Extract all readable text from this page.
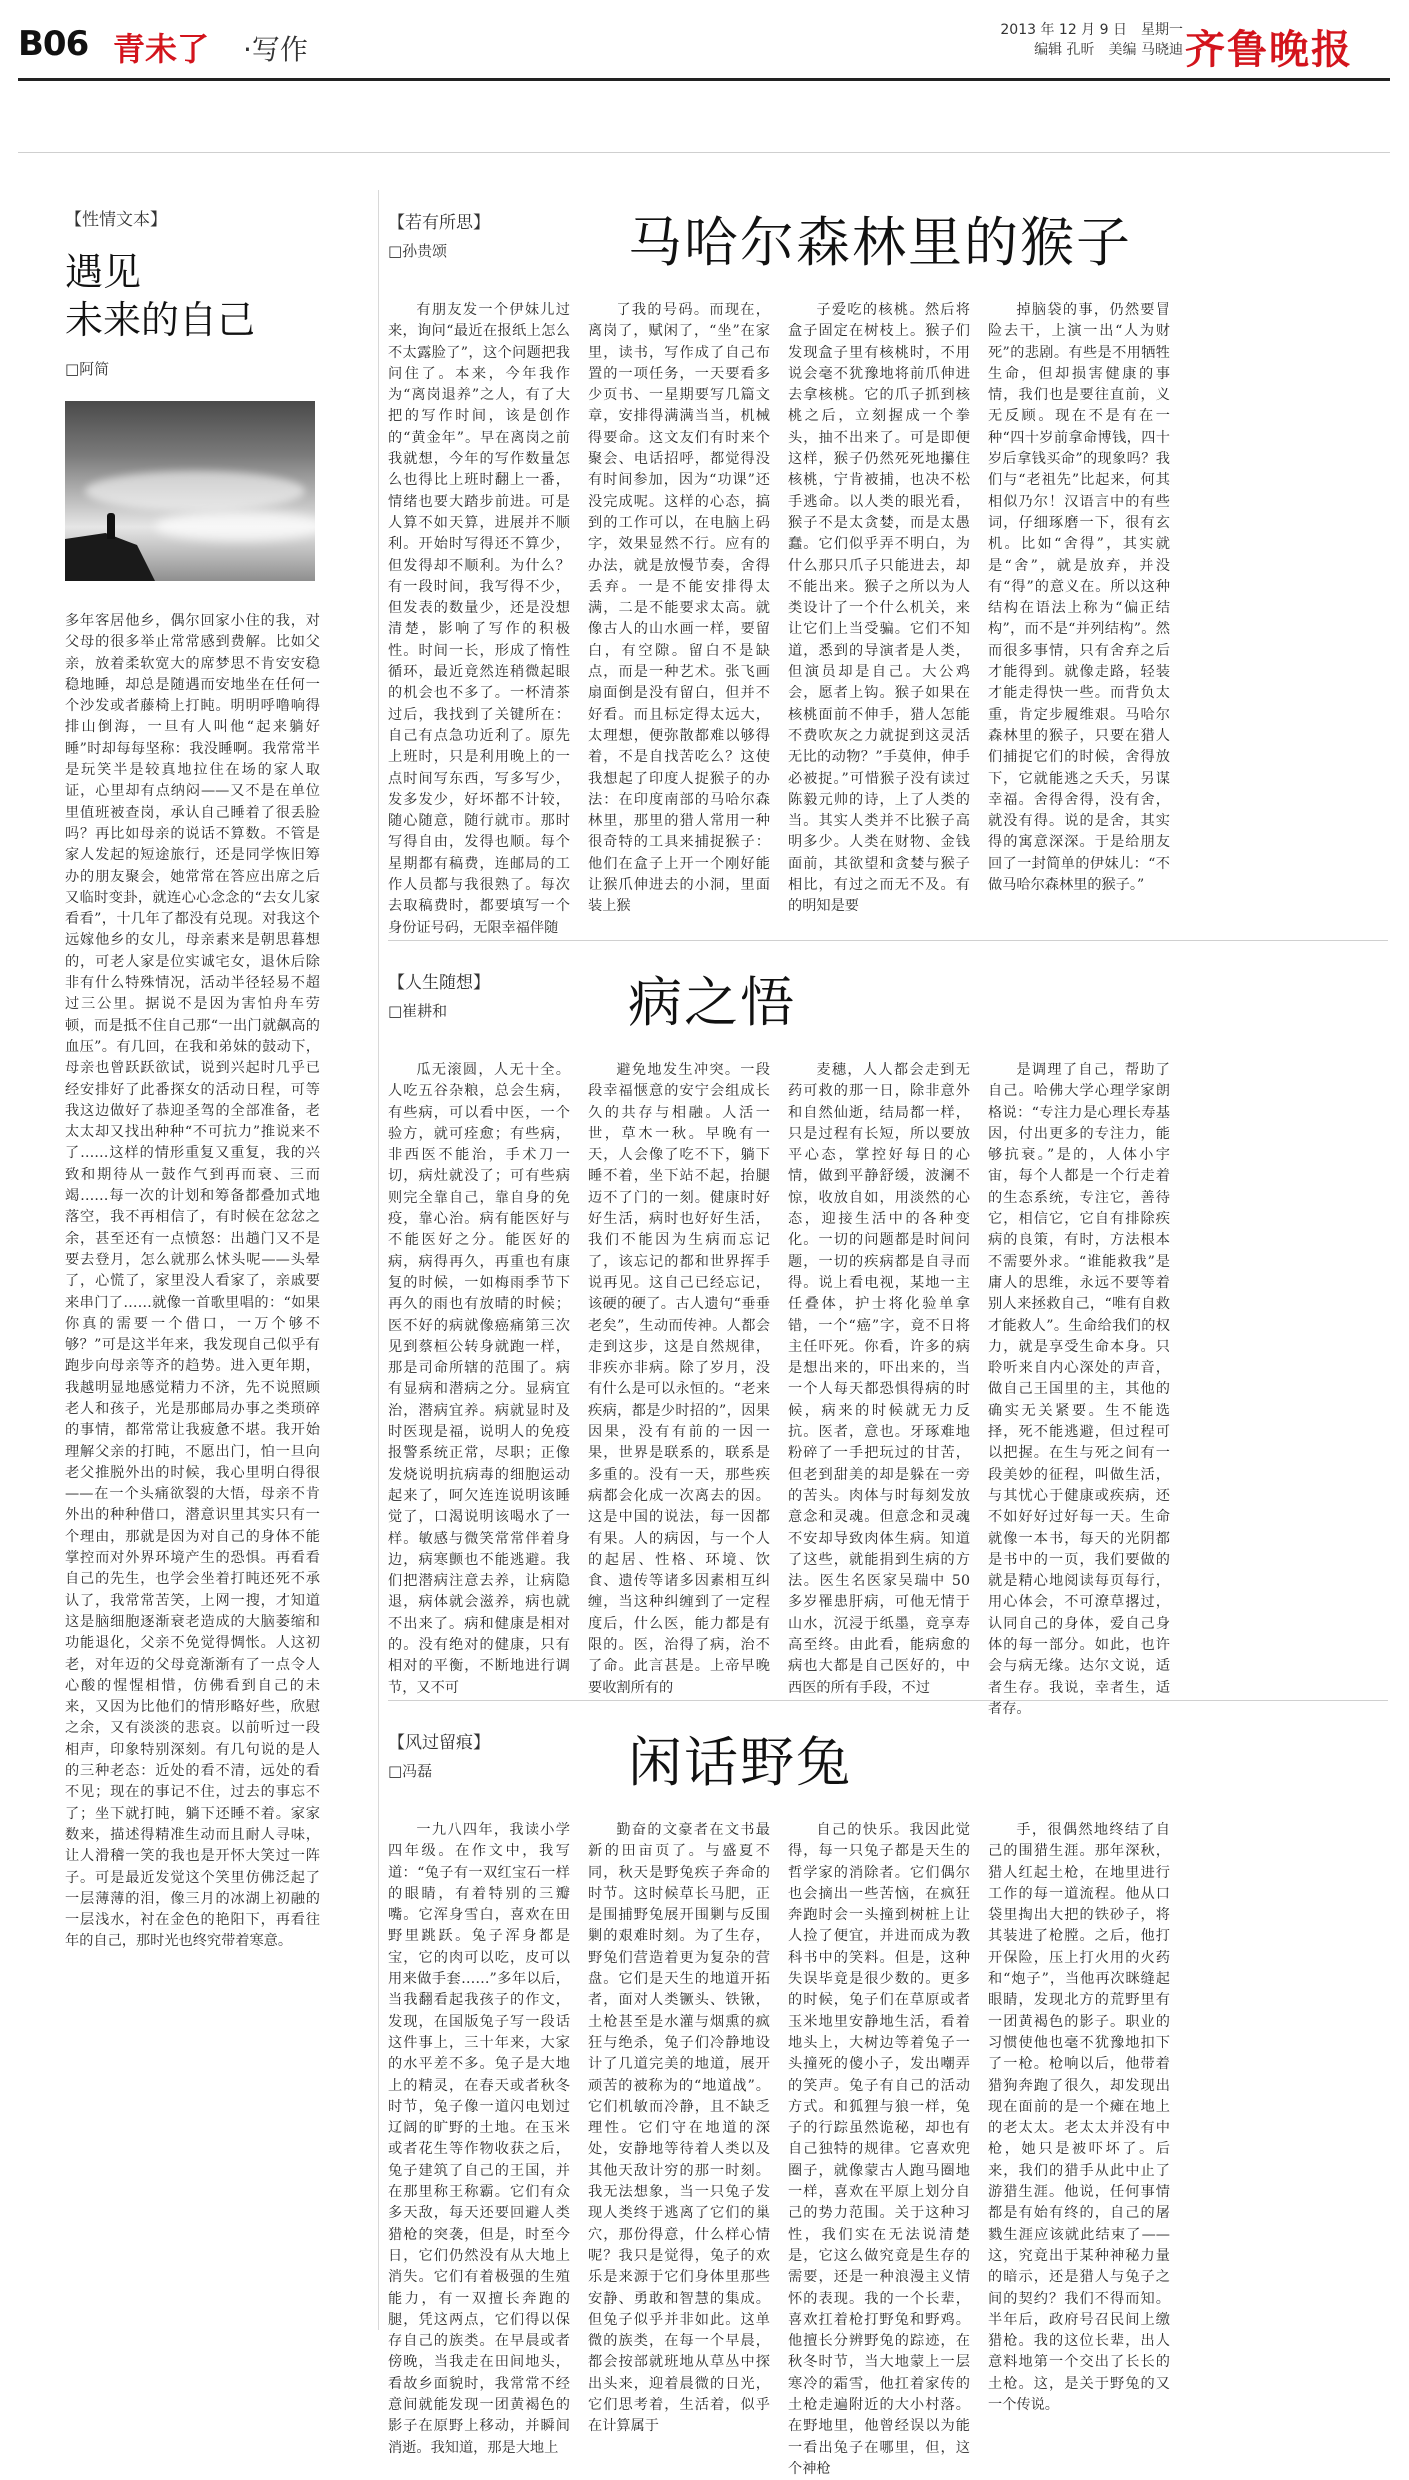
B06 青未了 ·写作
2013 年 12 月 9 日　星期一
编辑 孔昕　美编 马晓迪 齐鲁晚报
【性情文本】
遇见
未来的自己
□阿简
多年客居他乡，偶尔回家小住的我，对父母的很多举止常常感到费解。比如父亲，放着柔软宽大的席梦思不肯安安稳稳地睡，却总是随遇而安地坐在任何一个沙发或者藤椅上打盹。明明呼噜响得排山倒海，一旦有人叫他“起来躺好睡”时却每每坚称：我没睡啊。我常常半是玩笑半是较真地拉住在场的家人取证，心里却有点纳闷——又不是在单位里值班被查岗，承认自己睡着了很丢脸吗？再比如母亲的说话不算数。不管是家人发起的短途旅行，还是同学恢旧筹办的朋友聚会，她常常在答应出席之后又临时变卦，就连心心念念的“去女儿家看看”，十几年了都没有兑现。对我这个远嫁他乡的女儿，母亲素来是朝思暮想的，可老人家是位实诚宅女，退休后除非有什么特殊情况，活动半径轻易不超过三公里。据说不是因为害怕舟车劳顿，而是抵不住自己那“一出门就飙高的血压”。有几回，在我和弟妹的鼓动下，母亲也曾跃跃欲试，说到兴起时几乎已经安排好了此番探女的活动日程，可等我这边做好了恭迎圣驾的全部准备，老太太却又找出种种“不可抗力”推说来不了……这样的情形重复又重复，我的兴致和期待从一鼓作气到再而衰、三而竭……每一次的计划和筹备都叠加式地落空，我不再相信了，有时候在忿忿之余，甚至还有一点愤怒：出趟门又不是要去登月，怎么就那么怵头呢——头晕了，心慌了，家里没人看家了，亲戚要来串门了……就像一首歌里唱的：“如果你真的需要一个借口，一万个够不够？”可是这半年来，我发现自己似乎有跑步向母亲等齐的趋势。进入更年期，我越明显地感觉精力不济，先不说照顾老人和孩子，光是那邮局办事之类琐碎的事情，都常常让我疲惫不堪。我开始理解父亲的打盹，不愿出门，怕一旦向老父推脱外出的时候，我心里明白得很——在一个头痛欲裂的大悟，母亲不肯外出的种种借口，潜意识里其实只有一个理由，那就是因为对自己的身体不能掌控而对外界环境产生的恐惧。再看看自己的先生，也学会坐着打盹还死不承认了，我常常苦笑，上网一搜，才知道这是脑细胞逐渐衰老造成的大脑萎缩和功能退化，父亲不免觉得惆怅。人这初老，对年迈的父母竟渐渐有了一点令人心酸的惺惺相惜，仿佛看到自己的未来，又因为比他们的情形略好些，欣慰之余，又有淡淡的悲哀。以前听过一段相声，印象特别深刻。有几句说的是人的三种老态：近处的看不清，远处的看不见；现在的事记不住，过去的事忘不了；坐下就打盹，躺下还睡不着。家家数来，描述得精准生动而且耐人寻味，让人滑稽一笑的我也是开怀大笑过一阵子。可是最近发觉这个笑里仿佛泛起了一层薄薄的泪，像三月的冰湖上初融的一层浅水，衬在金色的艳阳下，再看往年的自己，那时光也终究带着寒意。
【若有所思】
□孙贵颂	马哈尔森林里的猴子

有朋友发一个伊妹儿过来，询问“最近在报纸上怎么不太露脸了”，这个问题把我问住了。本来，今年我作为“离岗退养”之人，有了大把的写作时间，该是创作的“黄金年”。早在离岗之前我就想，今年的写作数量怎么也得比上班时翻上一番，情绪也要大踏步前进。可是人算不如天算，进展并不顺利。开始时写得还不算少，但发得却不顺利。为什么？有一段时间，我写得不少，但发表的数量少，还是没想清楚，影响了写作的积极性。时间一长，形成了惰性循环，最近竟然连稍微起眼的机会也不多了。一杯清茶过后，我找到了关键所在：自己有点急功近利了。原先上班时，只是利用晚上的一点时间写东西，写多写少，发多发少，好坏都不计较，随心随意，随行就市。那时写得自由，发得也顺。每个星期都有稿费，连邮局的工作人员都与我很熟了。每次去取稿费时，都要填写一个身份证号码，无限幸福伴随

了我的号码。而现在，离岗了，赋闲了，“坐”在家里，读书，写作成了自己布置的一项任务，一天要看多少页书、一星期要写几篇文章，安排得满满当当，机械得要命。这文友们有时来个聚会、电话招呼，都觉得没有时间参加，因为“功课”还没完成呢。这样的心态，搞到的工作可以，在电脑上码字，效果显然不行。应有的办法，就是放慢节奏，舍得丢弃。一是不能安排得太满，二是不能要求太高。就像古人的山水画一样，要留白，有空隙。留白不是缺点，而是一种艺术。张飞画扇面倒是没有留白，但并不好看。而且标定得太远大，太理想，便弥散都难以够得着，不是自找苦吃么？这使我想起了印度人捉猴子的办法：在印度南部的马哈尔森林里，那里的猎人常用一种很奇特的工具来捕捉猴子：他们在盒子上开一个刚好能让猴爪伸进去的小洞，里面装上猴

子爱吃的核桃。然后将盒子固定在树枝上。猴子们发现盒子里有核桃时，不用说会毫不犹豫地将前爪伸进去拿核桃。它的爪子抓到核桃之后，立刻握成一个拳头，抽不出来了。可是即便这样，猴子仍然死死地攥住核桃，宁肯被捕，也决不松手逃命。以人类的眼光看，猴子不是太贪婪，而是太愚蠢。它们似乎弄不明白，为什么那只爪子只能进去，却不能出来。猴子之所以为人类设计了一个什么机关，来让它们上当受骗。它们不知道，悉到的导演者是人类，但演员却是自己。大公鸡会，愿者上钩。猴子如果在核桃面前不伸手，猎人怎能不费吹灰之力就捉到这灵活无比的动物？”手莫伸，伸手必被捉。”可惜猴子没有读过陈毅元帅的诗，上了人类的当。其实人类并不比猴子高明多少。人类在财物、金钱面前，其欲望和贪婪与猴子相比，有过之而无不及。有的明知是要

掉脑袋的事，仍然要冒险去干，上演一出“人为财死”的悲剧。有些是不用牺牲生命，但却损害健康的事情，我们也是要往直前，义无反顾。现在不是有在一种“四十岁前拿命博钱，四十岁后拿钱买命”的现象吗？我们与“老祖先”比起来，何其相似乃尔！汉语言中的有些词，仔细琢磨一下，很有玄机。比如“舍得”，其实就是“舍”，就是放弃，并没有“得”的意义在。所以这种结构在语法上称为“偏正结构”，而不是“并列结构”。然而很多事情，只有舍弃之后才能得到。就像走路，轻装才能走得快一些。而背负太重，肯定步履维艰。马哈尔森林里的猴子，只要在猎人们捕捉它们的时候，舍得放下，它就能逃之夭夭，另谋幸福。舍得舍得，没有舍，就没有得。说的是舍，其实得的寓意深深。于是给朋友回了一封简单的伊妹儿：“不做马哈尔森林里的猴子。”

【人生随想】
□崔耕和	病之悟

瓜无滚圆，人无十全。人吃五谷杂粮，总会生病，有些病，可以看中医，一个验方，就可痊愈；有些病，非西医不能治，手术刀一切，病灶就没了；可有些病则完全靠自己，靠自身的免疫，靠心治。病有能医好与不能医好之分。能医好的病，病得再久，再重也有康复的时候，一如梅雨季节下再久的雨也有放晴的时候；医不好的病就像癌痛第三次见到蔡桓公转身就跑一样，那是司命所辖的范围了。病有显病和潜病之分。显病宜治，潜病宜养。病就显时及时医现是福，说明人的免疫报警系统正常，尽职；正像发烧说明抗病毒的细胞运动起来了，呵欠连连说明该睡觉了，口渴说明该喝水了一样。敏感与微笑常常伴着身边，病寒颤也不能逃避。我们把潜病注意去养，让病隐退，病体就会滋养，病也就不出来了。病和健康是相对的。没有绝对的健康，只有相对的平衡，不断地进行调节，又不可

避免地发生冲突。一段段幸福惬意的安宁会组成长久的共存与相融。人活一世，草木一秋。早晚有一天，人会像了吃不下，躺下睡不着，坐下站不起，抬腿迈不了门的一刻。健康时好好生活，病时也好好生活，我们不能因为生病而忘记了，该忘记的都和世界挥手说再见。这自己已经忘记，该硬的硬了。古人遗句“垂垂老矣”，生动而传神。人都会走到这步，这是自然规律，非疾亦非病。除了岁月，没有什么是可以永恒的。“老来疾病，都是少时招的”，因果因果，没有有前的一因一果，世界是联系的，联系是多重的。没有一天，那些疾病都会化成一次离去的因。这是中国的说法，每一因都有果。人的病因，与一个人的起居、性格、环境、饮食、遗传等诸多因素相互纠缠，当这种纠缠到了一定程度后，什么医，能力都是有限的。医，治得了病，治不了命。此言甚是。上帝早晚要收割所有的

麦穗，人人都会走到无药可救的那一日，除非意外和自然仙逝，结局都一样，只是过程有长短，所以要放平心态，掌控好每日的心情，做到平静舒缓，波澜不惊，收放自如，用淡然的心态，迎接生活中的各种变化。一切的问题都是时间问题，一切的疾病都是自寻而得。说上看电视，某地一主任叠体，护士将化验单拿错，一个“癌”字，竟不日将主任吓死。你看，许多的病是想出来的，吓出来的，当一个人每天都恐惧得病的时候，病来的时候就无力反抗。医者，意也。牙琢难地粉碎了一手把玩过的甘苦，但老到甜美的却是躲在一旁的苦头。肉体与时每刻发放意念和灵魂。但意念和灵魂不安却导致肉体生病。知道了这些，就能捐到生病的方法。医生名医家吴瑞中 50 多岁罹患肝病，可他无情于山水，沉浸于纸墨，竟享寿高至终。由此看，能病愈的病也大都是自己医好的，中西医的所有手段，不过

是调理了自己，帮助了自己。哈佛大学心理学家朗格说：“专注力是心理长寿基因，付出更多的专注力，能够抗衰。”是的，人体小宇宙，每个人都是一个行走着的生态系统，专注它，善待它，相信它，它自有排除疾病的良策，有时，方法根本不需要外求。“谁能救我”是庸人的思维，永远不要等着别人来拯救自己，“唯有自救才能救人”。生命给我们的权力，就是享受生命本身。只聆听来自内心深处的声音，做自己王国里的主，其他的确实无关紧要。生不能选择，死不能逃避，但过程可以把握。在生与死之间有一段美妙的征程，叫做生活，与其忧心于健康或疾病，还不如好好过好每一天。生命就像一本书，每天的光阴都是书中的一页，我们要做的就是精心地阅读每页每行，用心体会，不可潦草撂过，认同自己的身体，爱自己身体的每一部分。如此，也许会与病无缘。达尔文说，适者生存。我说，幸者生，适者存。

【风过留痕】
□冯磊	闲话野兔

一九八四年，我读小学四年级。在作文中，我写道：“兔子有一双红宝石一样的眼睛，有着特别的三瓣嘴。它浑身雪白，喜欢在田野里跳跃。兔子浑身都是宝，它的肉可以吃，皮可以用来做手套……”多年以后，当我翻看起我孩子的作文，发现，在国版兔子写一段话这件事上，三十年来，大家的水平差不多。兔子是大地上的精灵，在春天或者秋冬时节，兔子像一道闪电划过辽阔的旷野的土地。在玉米或者花生等作物收获之后，兔子建筑了自己的王国，并在那里称王称霸。它们有众多天敌，每天还要回避人类猎枪的突袭，但是，时至今日，它们仍然没有从大地上消失。它们有着极强的生殖能力，有一双擅长奔跑的腿，凭这两点，它们得以保存自己的族类。在早晨或者傍晚，当我走在田间地头，看故乡面貌时，我常常不经意间就能发现一团黄褐色的影子在原野上移动，并瞬间消逝。我知道，那是大地上

勤奋的文豪者在文书最新的田亩页了。与盛夏不同，秋天是野兔疾子奔命的时节。这时候草长马肥，正是围捕野兔展开围剿与反围剿的艰难时刻。为了生存，野兔们营造着更为复杂的营盘。它们是天生的地道开拓者，面对人类镢头、铁锹，土枪甚至是水灌与烟熏的疯狂与绝杀，兔子们冷静地设计了几道完美的地道，展开顽苦的被称为的“地道战”。它们机敏而冷静，且不缺乏理性。它们守在地道的深处，安静地等待着人类以及其他天敌计穷的那一时刻。我无法想象，当一只兔子发现人类终于逃离了它们的巢穴，那份得意，什么样心情呢？我只是觉得，兔子的欢乐是来源于它们身体里那些安静、勇敢和智慧的集成。但兔子似乎并非如此。这单微的族类，在每一个早晨，都会按部就班地从草丛中探出头来，迎着晨微的日光，它们思考着，生活着，似乎在计算属于

自己的快乐。我因此觉得，每一只兔子都是天生的哲学家的消除者。它们偶尔也会摘出一些苦恼，在疯狂奔跑时会一头撞到树桩上让人捡了便宜，并进而成为教科书中的笑料。但是，这种失误毕竟是很少数的。更多的时候，兔子们在草原或者玉米地里安静地生活，看着地头上，大树边等着兔子一头撞死的傻小子，发出嘲弄的笑声。兔子有自己的活动方式。和狐狸与狼一样，兔子的行踪虽然诡秘，却也有自己独特的规律。它喜欢兜圈子，就像蒙古人跑马圈地一样，喜欢在平原上划分自己的势力范围。关于这种习性，我们实在无法说清楚是，它这么做究竟是生存的需要，还是一种浪漫主义情怀的表现。我的一个长辈，喜欢扛着枪打野兔和野鸡。他擅长分辨野兔的踪迹，在秋冬时节，当大地蒙上一层寒冷的霜雪，他扛着家传的土枪走遍附近的大小村落。在野地里，他曾经误以为能一看出兔子在哪里，但，这个神枪

手，很偶然地终结了自己的围猎生涯。那年深秋，猎人红起土枪，在地里进行工作的每一道流程。他从口袋里掏出大把的铁砂子，将其装进了枪膛。之后，他打开保险，压上打火用的火药和“炮子”，当他再次眯缝起眼睛，发现北方的荒野里有一团黄褐色的影子。职业的习惯使他也毫不犹豫地扣下了一枪。枪响以后，他带着猎狗奔跑了很久，却发现出现在面前的是一个瘫在地上的老太太。老太太并没有中枪，她只是被吓坏了。后来，我们的猎手从此中止了游猎生涯。他说，任何事情都是有始有终的，自己的屠戮生涯应该就此结束了——这，究竟出于某种神秘力量的暗示，还是猎人与兔子之间的契约？我们不得而知。半年后，政府号召民间上缴猎枪。我的这位长辈，出人意料地第一个交出了长长的土枪。这，是关于野兔的又一个传说。
